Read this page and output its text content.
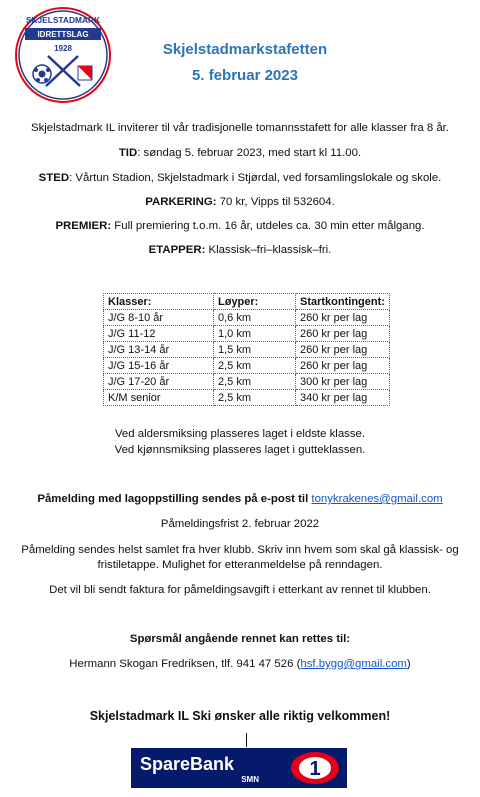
SKJELSTADMARK
IDRETTSLAG
1928	Skjelstadmarkstafetten
5. februar 2023
Skjelstadmark IL inviterer til vår tradisjonelle tomannsstafett for alle klasser fra 8 år.
TID: søndag 5. februar 2023, med start kl 11.00.
STED: Vårtun Stadion, Skjelstadmark i Stjørdal, ved forsamlingslokale og skole.
PARKERING: 70 kr, Vipps til 532604.
PREMIER: Full premiering t.o.m. 16 år, utdeles ca. 30 min etter målgang.
ETAPPER: Klassisk–fri–klassisk–fri.
Klasser:	Løyper:	Startkontingent:
J/G 8-10 år	0,6 km	260 kr per lag
J/G 11-12	1,0 km	260 kr per lag
J/G 13-14 år	1,5 km	260 kr per lag
J/G 15-16 år	2,5 km	260 kr per lag
J/G 17-20 år	2,5 km	300 kr per lag
K/M senior	2,5 km	340 kr per lag
Ved aldersmiksing plasseres laget i eldste klasse.
Ved kjønnsmiksing plasseres laget i gutteklassen.
Påmelding med lagoppstilling sendes på e-post til tonykrakenes@gmail.com
Påmeldingsfrist 2. februar 2022
Påmelding sendes helst samlet fra hver klubb. Skriv inn hvem som skal gå klassisk- og
fristiletappe. Mulighet for etteranmeldelse på renndagen.
Det vil bli sendt faktura for påmeldingsavgift i etterkant av rennet til klubben.
Spørsmål angående rennet kan rettes til:
Hermann Skogan Fredriksen, tlf. 941 47 526 (hsf.bygg@gmail.com)
Skjelstadmark IL Ski ønsker alle riktig velkommen!
SpareBank
SMN	1
